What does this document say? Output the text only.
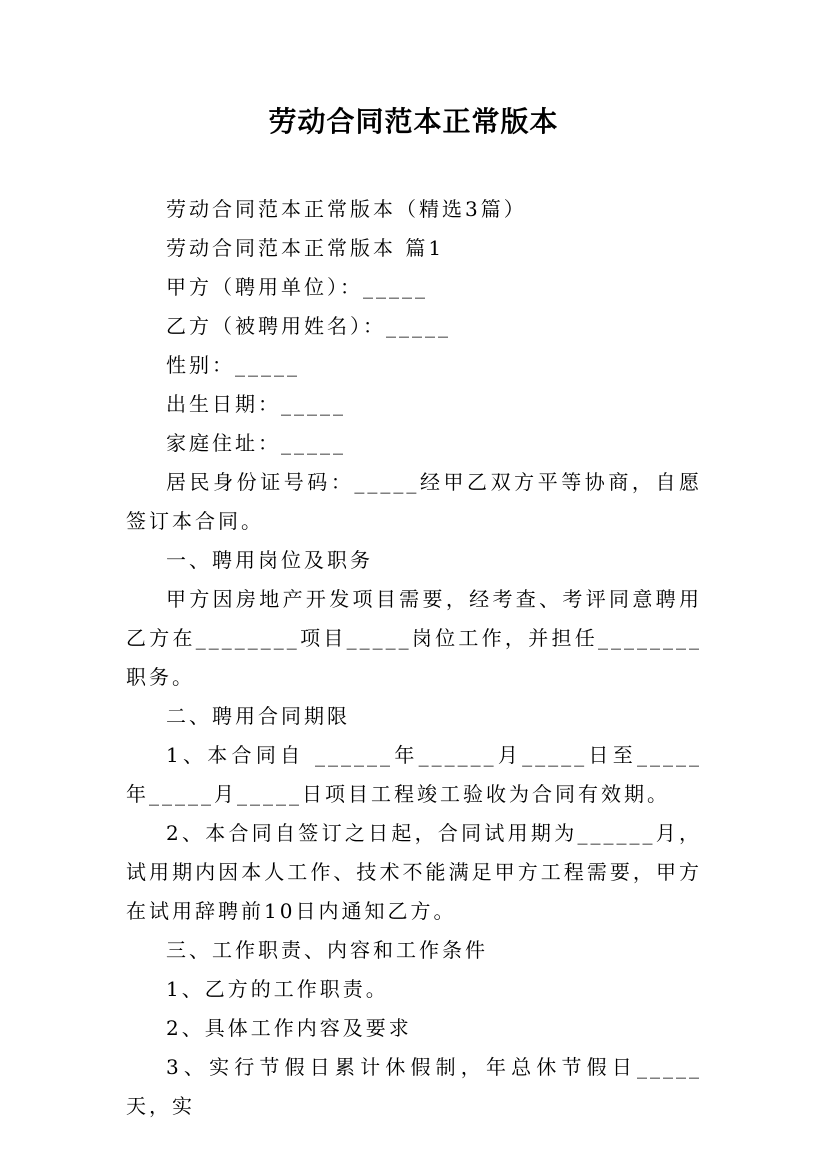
劳动合同范本正常版本

劳动合同范本正常版本（精选3篇）

劳动合同范本正常版本 篇1

甲方（聘用单位）：_____

乙方（被聘用姓名）：_____

性别：_____

出生日期：_____

家庭住址：_____

居民身份证号码：_____经甲乙双方平等协商，自愿签订本合同。

一、聘用岗位及职务

甲方因房地产开发项目需要，经考查、考评同意聘用乙方在________项目_____岗位工作，并担任________职务。

二、聘用合同期限

1、本合同自 ______年______月_____日至_____年_____月_____日项目工程竣工验收为合同有效期。

2、本合同自签订之日起，合同试用期为______月，试用期内因本人工作、技术不能满足甲方工程需要，甲方在试用辞聘前10日内通知乙方。

三、工作职责、内容和工作条件

1、乙方的工作职责。

2、具体工作内容及要求

3、实行节假日累计休假制，年总休节假日_____天，实
